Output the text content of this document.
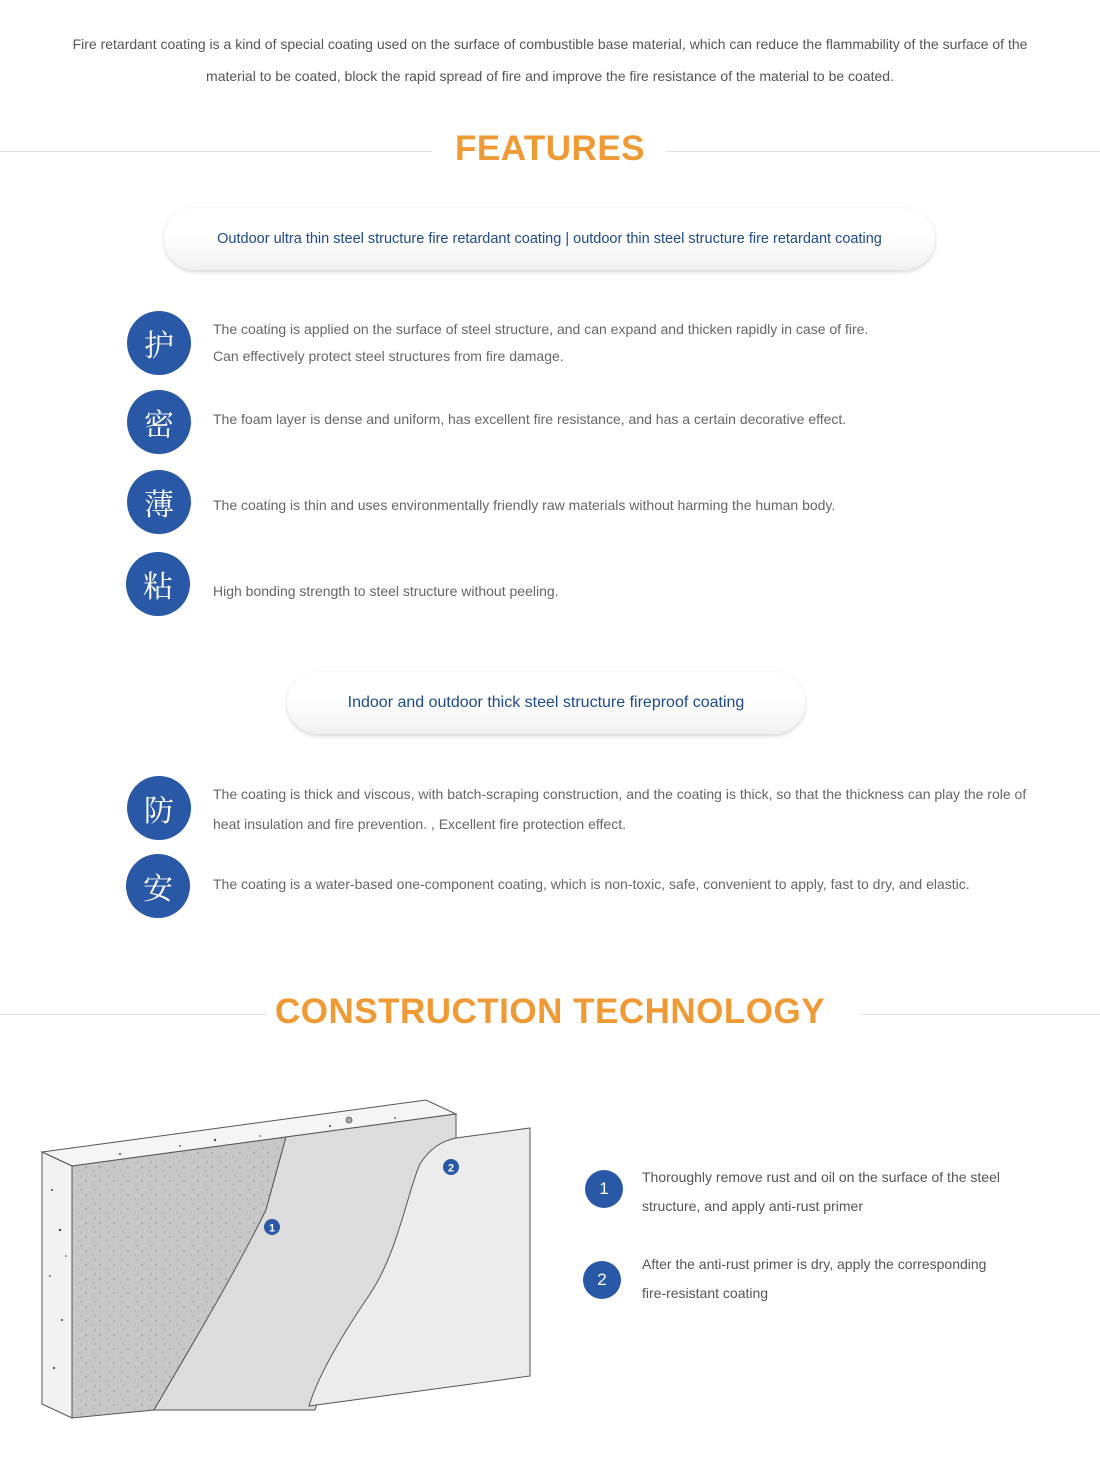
Fire retardant coating is a kind of special coating used on the surface of combustible base material, which can reduce the flammability of the surface of the
material to be coated, block the rapid spread of fire and improve the fire resistance of the material to be coated.
FEATURES
Outdoor ultra thin steel structure fire retardant coating | outdoor thin steel structure fire retardant coating
护	The coating is applied on the surface of steel structure, and can expand and thicken rapidly in case of fire.
Can effectively protect steel structures from fire damage.
密	The foam layer is dense and uniform, has excellent fire resistance, and has a certain decorative effect.
薄	The coating is thin and uses environmentally friendly raw materials without harming the human body.
粘	High bonding strength to steel structure without peeling.
Indoor and outdoor thick steel structure fireproof coating
防	The coating is thick and viscous, with batch-scraping construction, and the coating is thick, so that the thickness can play the role of
heat insulation and fire prevention. , Excellent fire protection effect.
安	The coating is a water-based one-component coating, which is non-toxic, safe, convenient to apply, fast to dry, and elastic.
CONSTRUCTION TECHNOLOGY
1
2
1
Thoroughly remove rust and oil on the surface of the steel
structure, and apply anti-rust primer
2
After the anti-rust primer is dry, apply the corresponding
fire-resistant coating
